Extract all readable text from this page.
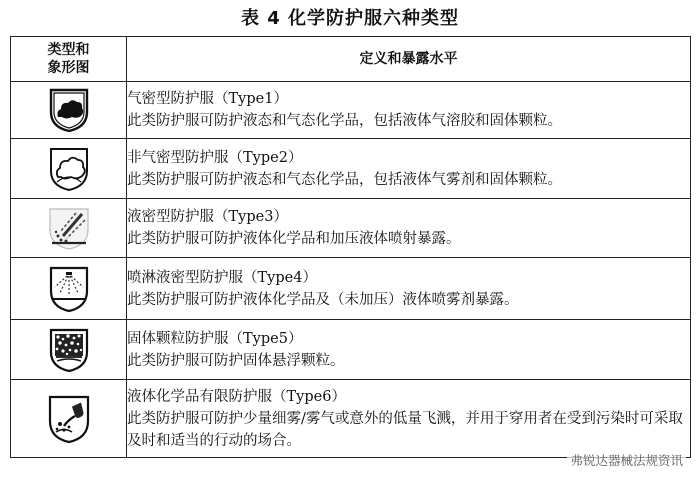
表 4 化学防护服六种类型
类型和
象形图	定义和暴露水平

气密型防护服（Type1）
此类防护服可防护液态和气态化学品，包括液体气溶胶和固体颗粒。

非气密型防护服（Type2）
此类防护服可防护液态和气态化学品，包括液体气雾剂和固体颗粒。

液密型防护服（Type3）
此类防护服可防护液体化学品和加压液体喷射暴露。

喷淋液密型防护服（Type4）
此类防护服可防护液体化学品及（未加压）液体喷雾剂暴露。

固体颗粒防护服（Type5）
此类防护服可防护固体悬浮颗粒。

液体化学品有限防护服（Type6）
此类防护服可防护少量细雾/雾气或意外的低量飞溅，并用于穿用者在受到污染时可采取及时和适当的行动的场合。
弗锐达器械法规资讯
